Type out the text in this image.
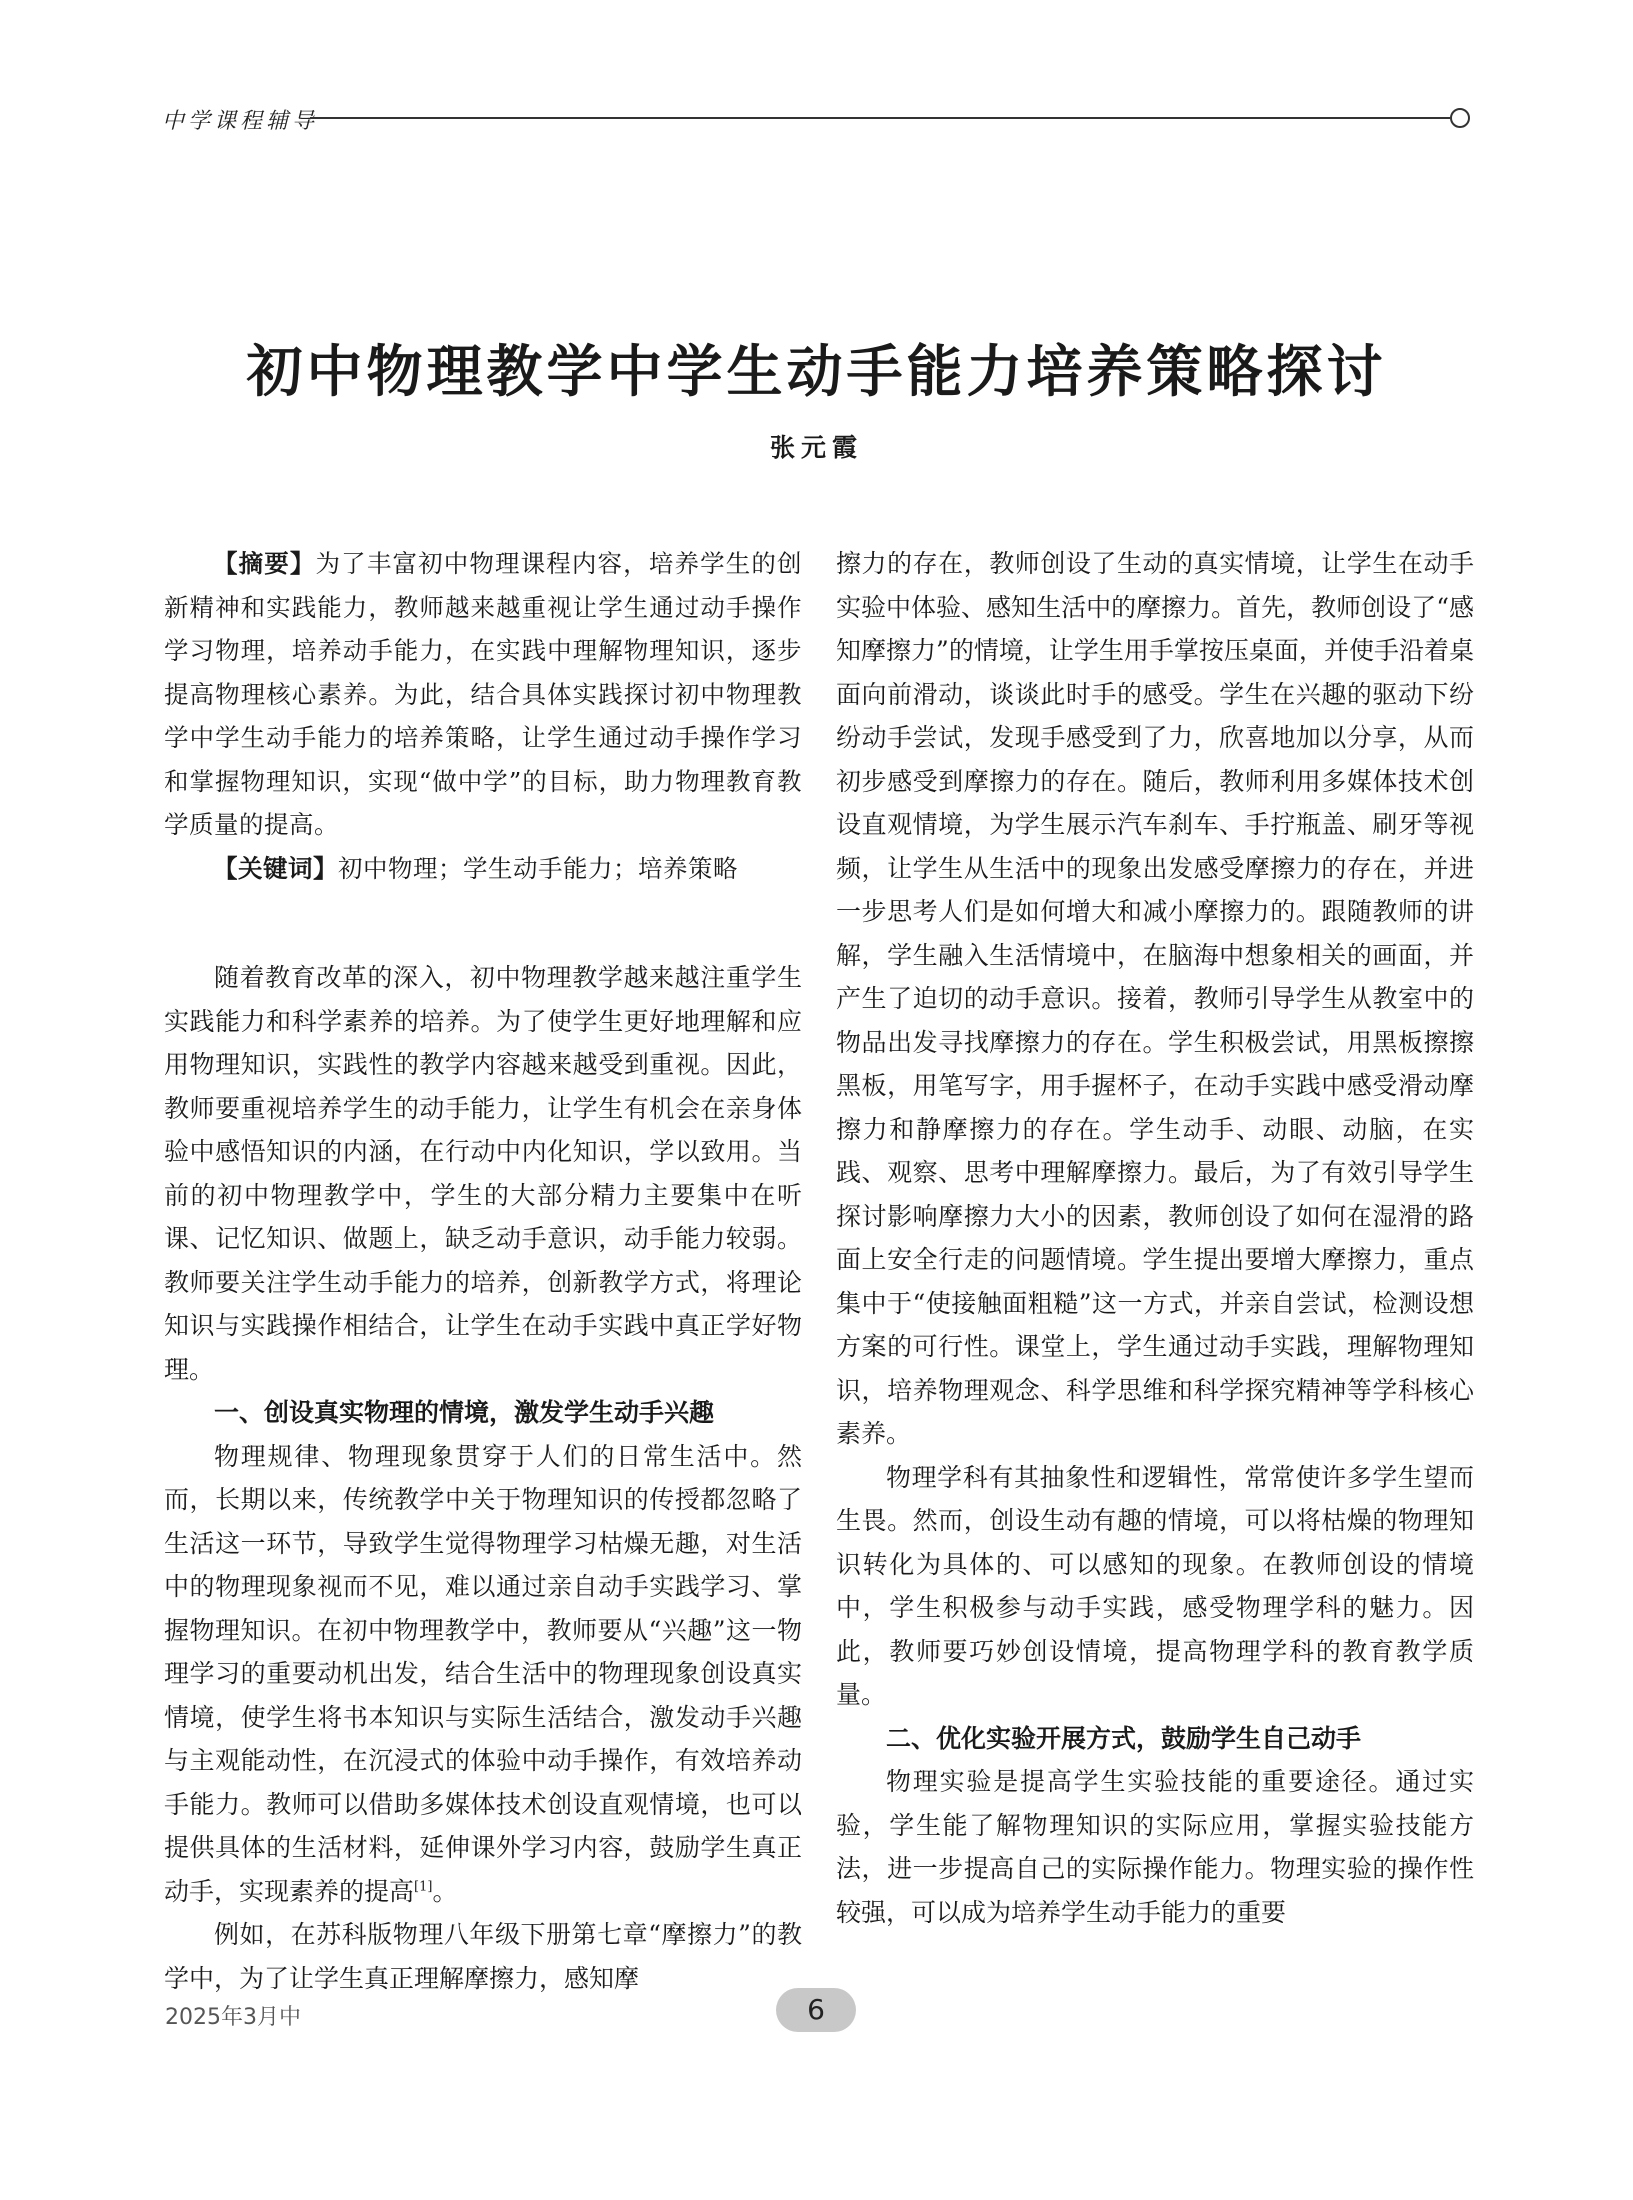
中学课程辅导
初中物理教学中学生动手能力培养策略探讨
张元霞

【摘要】为了丰富初中物理课程内容，培养学生的创新精神和实践能力，教师越来越重视让学生通过动手操作学习物理，培养动手能力，在实践中理解物理知识，逐步提高物理核心素养。为此，结合具体实践探讨初中物理教学中学生动手能力的培养策略，让学生通过动手操作学习和掌握物理知识，实现“做中学”的目标，助力物理教育教学质量的提高。

【关键词】初中物理；学生动手能力；培养策略

随着教育改革的深入，初中物理教学越来越注重学生实践能力和科学素养的培养。为了使学生更好地理解和应用物理知识，实践性的教学内容越来越受到重视。因此，教师要重视培养学生的动手能力，让学生有机会在亲身体验中感悟知识的内涵，在行动中内化知识，学以致用。当前的初中物理教学中，学生的大部分精力主要集中在听课、记忆知识、做题上，缺乏动手意识，动手能力较弱。教师要关注学生动手能力的培养，创新教学方式，将理论知识与实践操作相结合，让学生在动手实践中真正学好物理。

一、创设真实物理的情境，激发学生动手兴趣

物理规律、物理现象贯穿于人们的日常生活中。然而，长期以来，传统教学中关于物理知识的传授都忽略了生活这一环节，导致学生觉得物理学习枯燥无趣，对生活中的物理现象视而不见，难以通过亲自动手实践学习、掌握物理知识。在初中物理教学中，教师要从“兴趣”这一物理学习的重要动机出发，结合生活中的物理现象创设真实情境，使学生将书本知识与实际生活结合，激发动手兴趣与主观能动性，在沉浸式的体验中动手操作，有效培养动手能力。教师可以借助多媒体技术创设直观情境，也可以提供具体的生活材料，延伸课外学习内容，鼓励学生真正动手，实现素养的提高[1]。

例如，在苏科版物理八年级下册第七章“摩擦力”的教学中，为了让学生真正理解摩擦力，感知摩

擦力的存在，教师创设了生动的真实情境，让学生在动手实验中体验、感知生活中的摩擦力。首先，教师创设了“感知摩擦力”的情境，让学生用手掌按压桌面，并使手沿着桌面向前滑动，谈谈此时手的感受。学生在兴趣的驱动下纷纷动手尝试，发现手感受到了力，欣喜地加以分享，从而初步感受到摩擦力的存在。随后，教师利用多媒体技术创设直观情境，为学生展示汽车刹车、手拧瓶盖、刷牙等视频，让学生从生活中的现象出发感受摩擦力的存在，并进一步思考人们是如何增大和减小摩擦力的。跟随教师的讲解，学生融入生活情境中，在脑海中想象相关的画面，并产生了迫切的动手意识。接着，教师引导学生从教室中的物品出发寻找摩擦力的存在。学生积极尝试，用黑板擦擦黑板，用笔写字，用手握杯子，在动手实践中感受滑动摩擦力和静摩擦力的存在。学生动手、动眼、动脑，在实践、观察、思考中理解摩擦力。最后，为了有效引导学生探讨影响摩擦力大小的因素，教师创设了如何在湿滑的路面上安全行走的问题情境。学生提出要增大摩擦力，重点集中于“使接触面粗糙”这一方式，并亲自尝试，检测设想方案的可行性。课堂上，学生通过动手实践，理解物理知识，培养物理观念、科学思维和科学探究精神等学科核心素养。

物理学科有其抽象性和逻辑性，常常使许多学生望而生畏。然而，创设生动有趣的情境，可以将枯燥的物理知识转化为具体的、可以感知的现象。在教师创设的情境中，学生积极参与动手实践，感受物理学科的魅力。因此，教师要巧妙创设情境，提高物理学科的教育教学质量。

二、优化实验开展方式，鼓励学生自己动手

物理实验是提高学生实验技能的重要途径。通过实验，学生能了解物理知识的实际应用，掌握实验技能方法，进一步提高自己的实际操作能力。物理实验的操作性较强，可以成为培养学生动手能力的重要

2025年3月中	6
